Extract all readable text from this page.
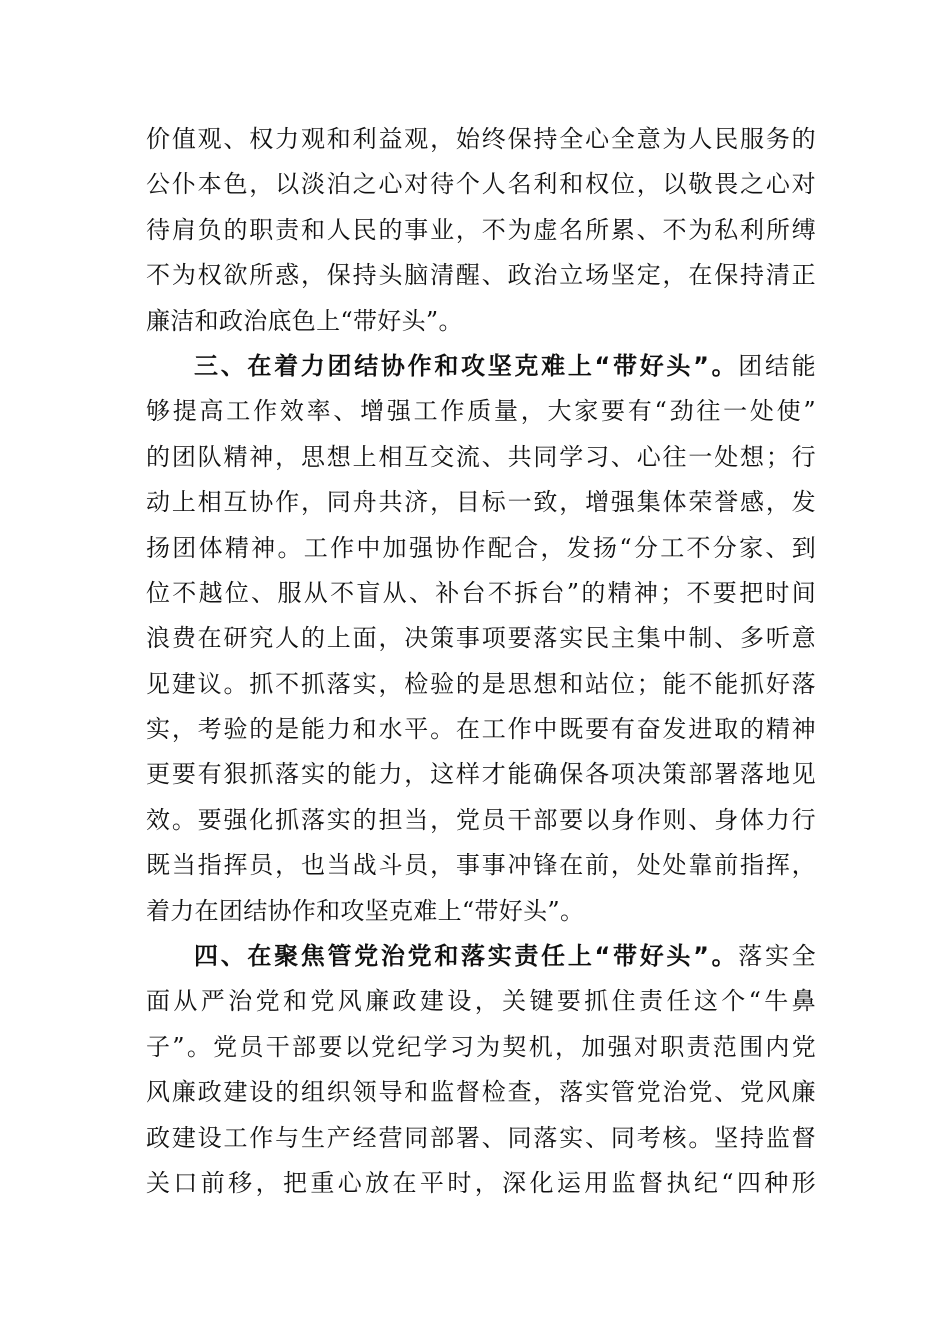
价值观、权力观和利益观，始终保持全心全意为人民服务的
公仆本色，以淡泊之心对待个人名利和权位，以敬畏之心对
待肩负的职责和人民的事业，不为虚名所累、不为私利所缚
不为权欲所惑，保持头脑清醒、政治立场坚定，在保持清正
廉洁和政治底色上“带好头”。
三、在着力团结协作和攻坚克难上“带好头”。团结能
够提高工作效率、增强工作质量，大家要有“劲往一处使”
的团队精神，思想上相互交流、共同学习、心往一处想；行
动上相互协作，同舟共济，目标一致，增强集体荣誉感，发
扬团体精神。工作中加强协作配合，发扬“分工不分家、到
位不越位、服从不盲从、补台不拆台”的精神；不要把时间
浪费在研究人的上面，决策事项要落实民主集中制、多听意
见建议。抓不抓落实，检验的是思想和站位；能不能抓好落
实，考验的是能力和水平。在工作中既要有奋发进取的精神
更要有狠抓落实的能力，这样才能确保各项决策部署落地见
效。要强化抓落实的担当，党员干部要以身作则、身体力行
既当指挥员，也当战斗员，事事冲锋在前，处处靠前指挥，
着力在团结协作和攻坚克难上“带好头”。
四、在聚焦管党治党和落实责任上“带好头”。落实全
面从严治党和党风廉政建设，关键要抓住责任这个“牛鼻
子”。党员干部要以党纪学习为契机，加强对职责范围内党
风廉政建设的组织领导和监督检查，落实管党治党、党风廉
政建设工作与生产经营同部署、同落实、同考核。坚持监督
关口前移，把重心放在平时，深化运用监督执纪“四种形
